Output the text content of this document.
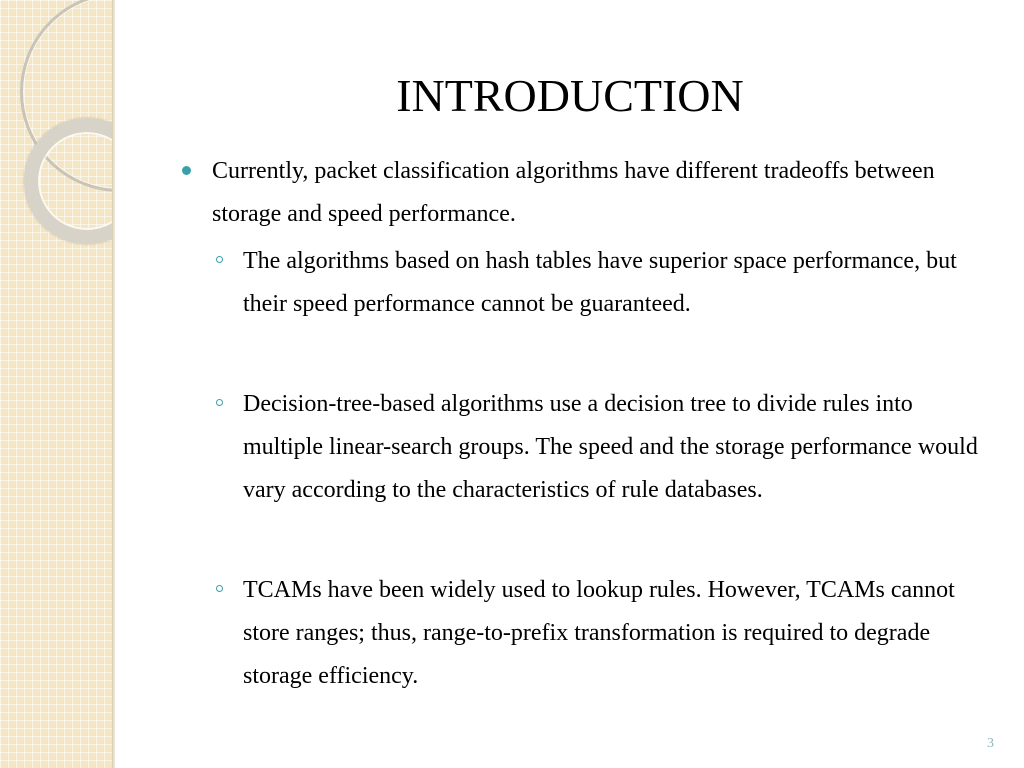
INTRODUCTION
Currently, packet classification algorithms have different tradeoffs between storage and speed performance.
The algorithms based on hash tables have superior space performance, but their speed performance cannot be guaranteed.
Decision-tree-based algorithms use a decision tree to divide rules into multiple linear-search groups. The speed and the storage performance would vary according to the characteristics of rule databases.
TCAMs have been widely used to lookup rules. However, TCAMs cannot store ranges; thus, range-to-prefix transformation is required to degrade storage efficiency.
3
